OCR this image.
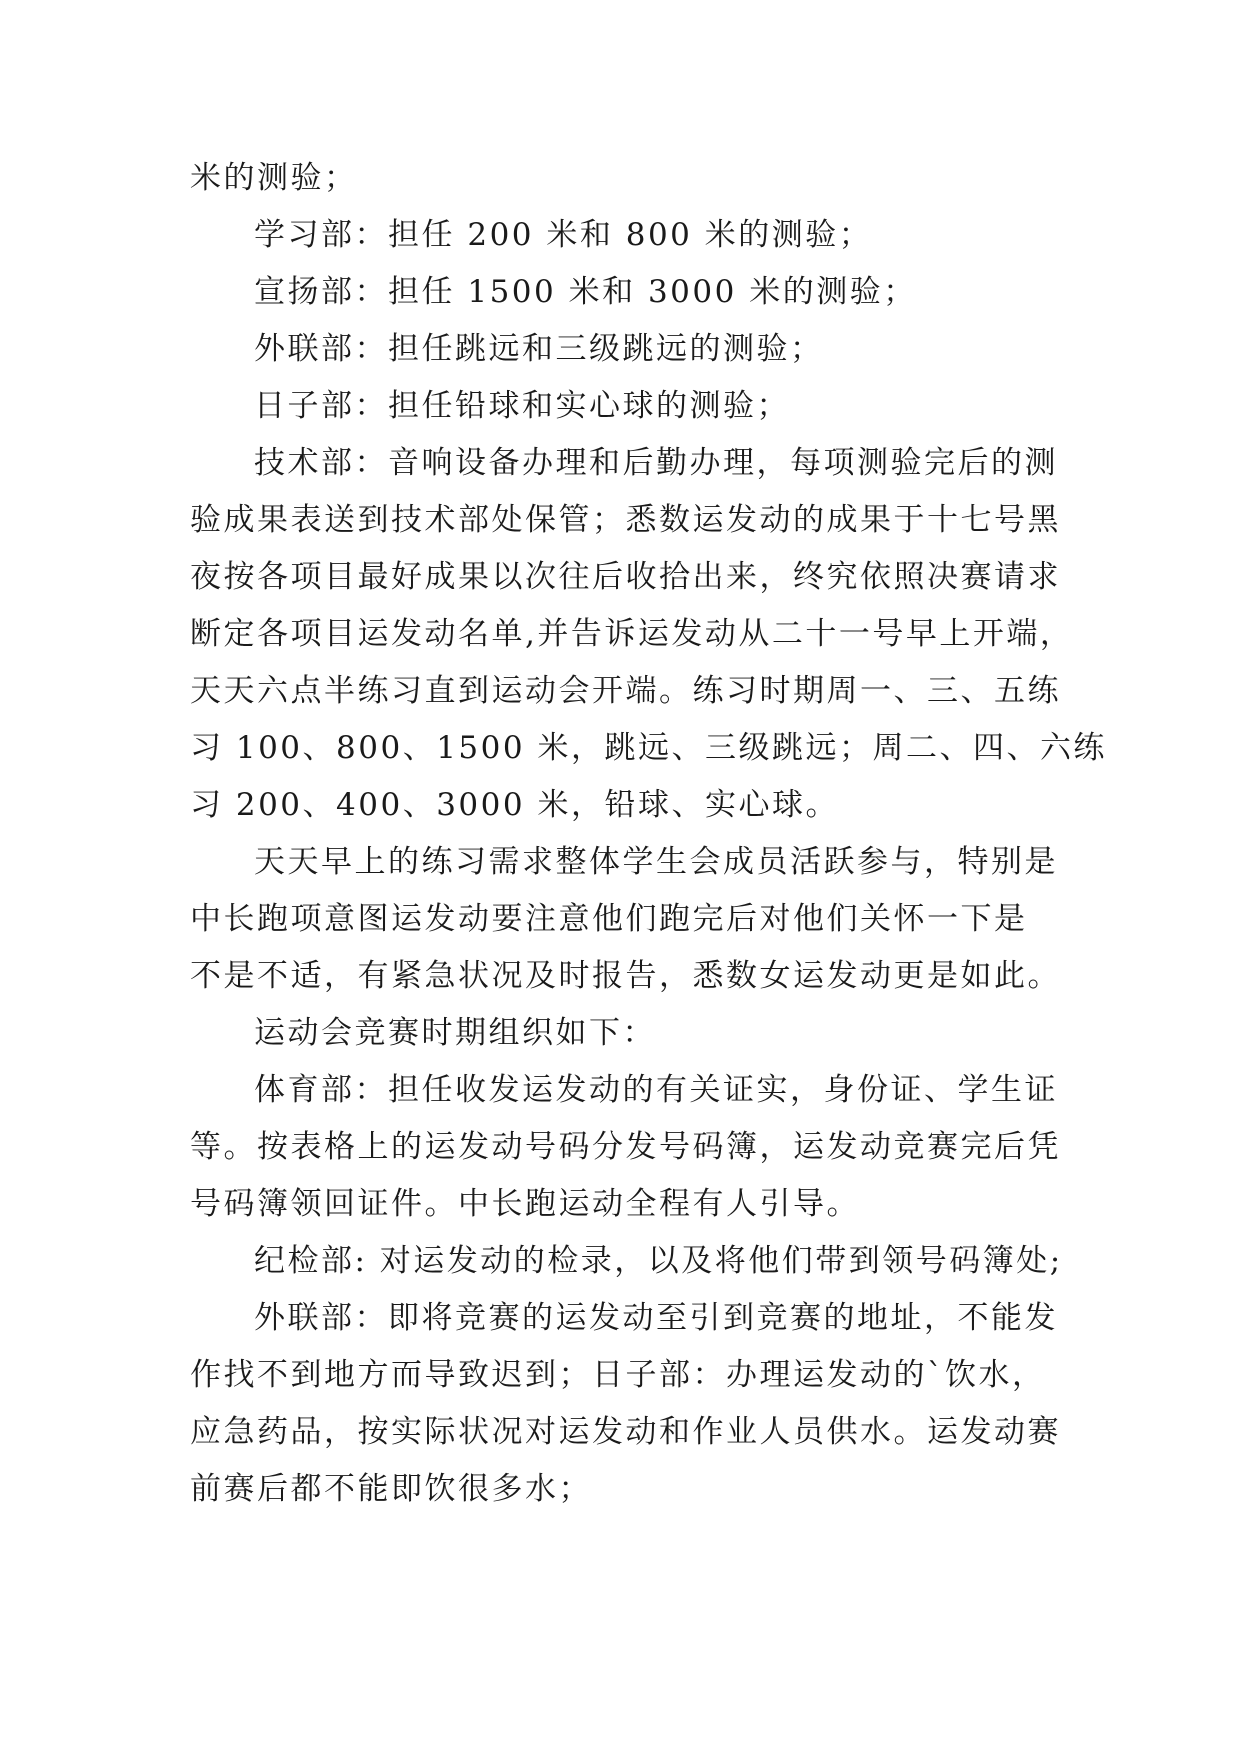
米的测验；

学习部：担任 200 米和 800 米的测验；

宣扬部：担任 1500 米和 3000 米的测验；

外联部：担任跳远和三级跳远的测验；

日子部：担任铅球和实心球的测验；

技术部：音响设备办理和后勤办理，每项测验完后的测

验成果表送到技术部处保管；悉数运发动的成果于十七号黑

夜按各项目最好成果以次往后收拾出来，终究依照决赛请求

断定各项目运发动名单,并告诉运发动从二十一号早上开端，

天天六点半练习直到运动会开端。练习时期周一、三、五练

习 100、800、1500 米，跳远、三级跳远；周二、四、六练

习 200、400、3000 米，铅球、实心球。

天天早上的练习需求整体学生会成员活跃参与，特别是

中长跑项意图运发动要注意他们跑完后对他们关怀一下是

不是不适，有紧急状况及时报告，悉数女运发动更是如此。

运动会竞赛时期组织如下：

体育部：担任收发运发动的有关证实，身份证、学生证

等。按表格上的运发动号码分发号码簿，运发动竞赛完后凭

号码簿领回证件。中长跑运动全程有人引导。

纪检部: 对运发动的检录，以及将他们带到领号码簿处;

外联部：即将竞赛的运发动至引到竞赛的地址，不能发

作找不到地方而导致迟到；日子部：办理运发动的`饮水，

应急药品，按实际状况对运发动和作业人员供水。运发动赛

前赛后都不能即饮很多水；
